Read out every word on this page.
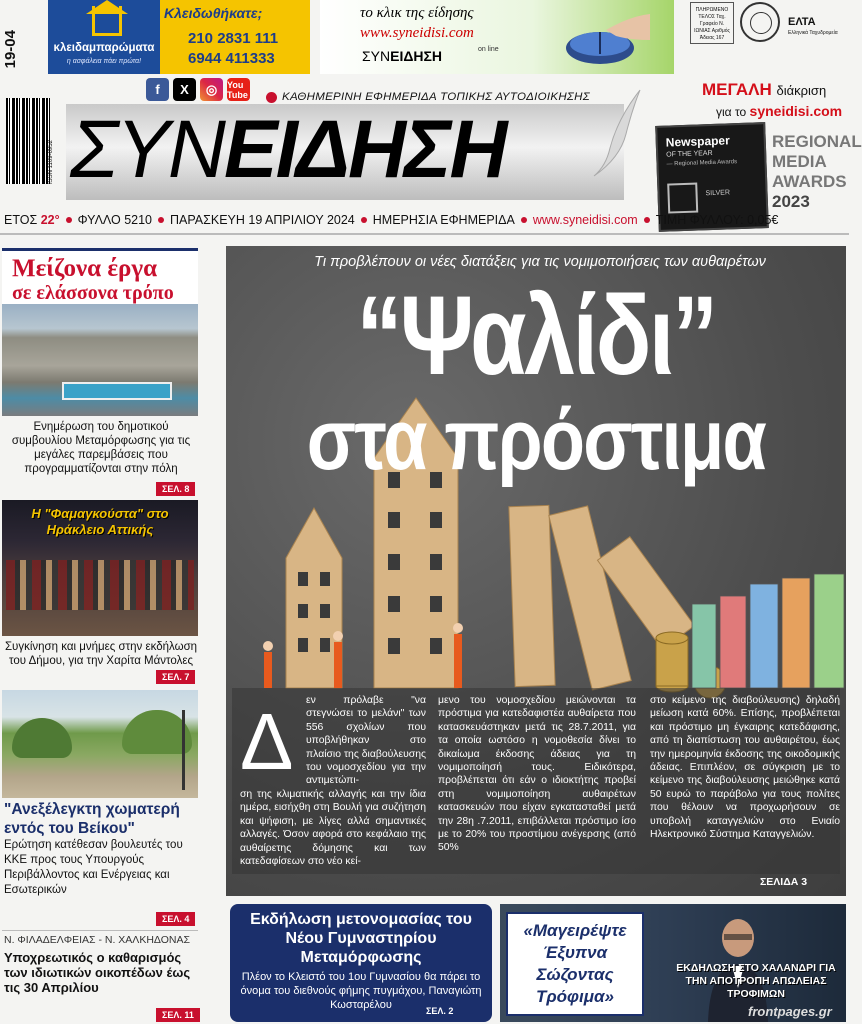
κλειδαμπαρώματα
η ασφάλεια πάει πρώτα!
Κλειδωθήκατε;
210 2831 111
6944 411333
το κλικ της είδησης
www.syneidisi.com
ΣΥΝΕΙΔΗΣΗ	on line
ΠΛΗΡΩΜΕΝΟ ΤΕΛΟΣ Ταχ. Γραφείο Ν. ΙΩΝΙΑΣ Αριθμός Άδειας 167
ΕΛΤΑ
Ελληνικά Ταχυδρομεία
19-04
ISSN 1109-0952
f	X	◎	You Tube	ΚΑΘΗΜΕΡΙΝΗ ΕΦΗΜΕΡΙΔΑ ΤΟΠΙΚΗΣ ΑΥΤΟΔΙΟΙΚΗΣΗΣ
ΣΥΝΕΙΔΗΣΗ
ΜΕΓΑΛΗ διάκριση
για το syneidisi.com
Newspaper
OF THE YEAR
— Regional Media Awards
SILVER
REGIONAL
MEDIA
AWARDS
2023
ΕΤΟΣ 22° ΦΥΛΛΟ 5210 ΠΑΡΑΣΚΕΥΗ 19 ΑΠΡΙΛΙΟΥ 2024 ΗΜΕΡΗΣΙΑ ΕΦΗΜΕΡΙΔΑ www.syneidisi.com ΤΙΜΗ ΦΥΛΛΟΥ: 0,05€
Μείζονα έργα
σε ελάσσονα τρόπο
Ενημέρωση του δημοτικού συμβουλίου Μεταμόρφωσης για τις μεγάλες παρεμβάσεις που προγραμματίζονται στην πόλη
ΣΕΛ. 8
Η "Φαμαγκούστα" στο Ηράκλειο Αττικής
Συγκίνηση και μνήμες στην εκδήλωση του Δήμου, για την Χαρίτα Μάντολες
ΣΕΛ. 7
"Ανεξέλεγκτη χωματερή εντός του Βείκου"
Ερώτηση κατέθεσαν βουλευτές του ΚΚΕ προς τους Υπουργούς Περιβάλλοντος και Ενέργειας και Εσωτερικών
ΣΕΛ. 4
Ν. ΦΙΛΑΔΕΛΦΕΙΑΣ - Ν. ΧΑΛΚΗΔΟΝΑΣ
Υποχρεωτικός ο καθαρισμός των ιδιωτικών οικοπέδων έως τις 30 Απριλίου
ΣΕΛ. 11
Τι προβλέπουν οι νέες διατάξεις για τις νομιμοποιήσεις των αυθαιρέτων
“Ψαλίδι”
στα πρόστιμα
Δ εν πρόλαβε "να στεγνώσει το μελάνι" των 556 σχολίων που υποβλήθηκαν στο πλαίσιο της διαβούλευσης του νομοσχεδίου για την αντιμετώπι-
ση της κλιματικής αλλαγής και την ίδια ημέρα, εισήχθη στη Βουλή για συζήτηση και ψήφιση, με λίγες αλλά σημαντικές αλλαγές. Όσον αφορά στο κεφάλαιο της αυθαίρετης δόμησης και των κατεδαφίσεων στο νέο κεί-
μενο του νομοσχεδίου μειώνονται τα πρόστιμα για κατεδαφιστέα αυθαίρετα που κατασκευάστηκαν μετά τις 28.7.2011, για τα οποία ωστόσο η νομοθεσία δίνει το δικαίωμα έκδοσης άδειας για τη νομιμοποίησή τους. Ειδικότερα, προβλέπεται ότι εάν ο ιδιοκτήτης προβεί στη νομιμοποίηση αυθαιρέτων κατασκευών που είχαν εγκατασταθεί μετά την 28η .7.2011, επιβάλλεται πρόστιμο ίσο με το 20% του προστίμου ανέγερσης (από 50%
στο κείμενο της διαβούλευσης) δηλαδή μείωση κατά 60%. Επίσης, προβλέπεται και πρόστιμο μη έγκαιρης κατεδάφισης, από τη διαπίστωση του αυθαιρέτου, έως την ημερομηνία έκδοσης της οικοδομικής άδειας. Επιπλέον, σε σύγκριση με το κείμενο της διαβούλευσης μειώθηκε κατά 50 ευρώ το παράβολο για τους πολίτες που θέλουν να προχωρήσουν σε υποβολή καταγγελιών στο Ενιαίο Ηλεκτρονικό Σύστημα Καταγγελιών.
ΣΕΛΙΔΑ 3
Εκδήλωση μετονομασίας του Νέου Γυμναστηρίου Μεταμόρφωσης
Πλέον το Κλειστό του 1ου Γυμνασίου θα πάρει το όνομα του διεθνούς φήμης πυγμάχου, Παναγιώτη Κωσταρέλου	ΣΕΛ. 2
«Μαγειρέψτε Έξυπνα Σώζοντας Τρόφιμα»
ΕΚΔΗΛΩΣΗ ΣΤΟ ΧΑΛΑΝΔΡΙ ΓΙΑ ΤΗΝ ΑΠΟΤΡΟΠΗ ΑΠΩΛΕΙΑΣ ΤΡΟΦΙΜΩΝ
frontpages.gr
